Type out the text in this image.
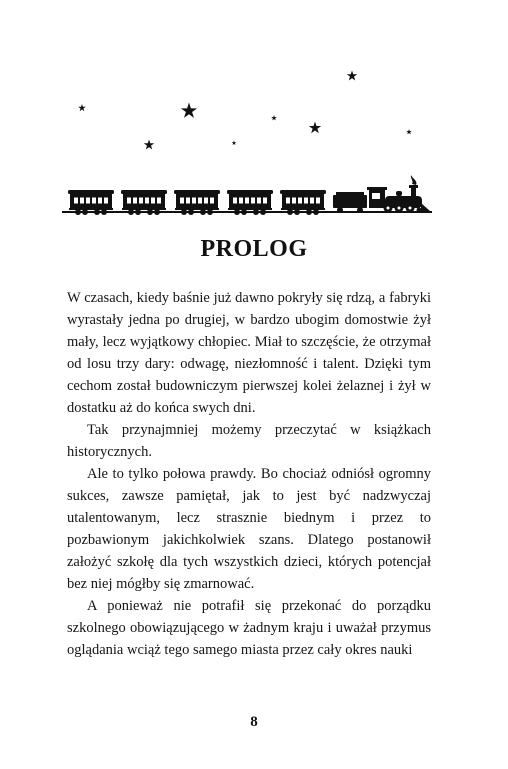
PROLOG

W czasach, kiedy baśnie już dawno pokryły się rdzą, a fabryki wyrastały jedna po drugiej, w bardzo ubogim domostwie żył mały, lecz wyjątkowy chłopiec. Miał to szczęście, że otrzymał od losu trzy dary: odwagę, niezłomność i talent. Dzięki tym cechom został budowniczym pierwszej kolei żelaznej i żył w dostatku aż do końca swych dni.

Tak przynajmniej możemy przeczytać w książkach historycznych.

Ale to tylko połowa prawdy. Bo chociaż odniósł ogromny sukces, zawsze pamiętał, jak to jest być nadzwyczaj utalentowanym, lecz strasznie biednym i przez to pozbawionym jakichkolwiek szans. Dlatego postanowił założyć szkołę dla tych wszystkich dzieci, których potencjał bez niej mógłby się zmarnować.

A ponieważ nie potrafił się przekonać do porządku szkolnego obowiązującego w żadnym kraju i uważał przymus oglądania wciąż tego samego miasta przez cały okres nauki

8
